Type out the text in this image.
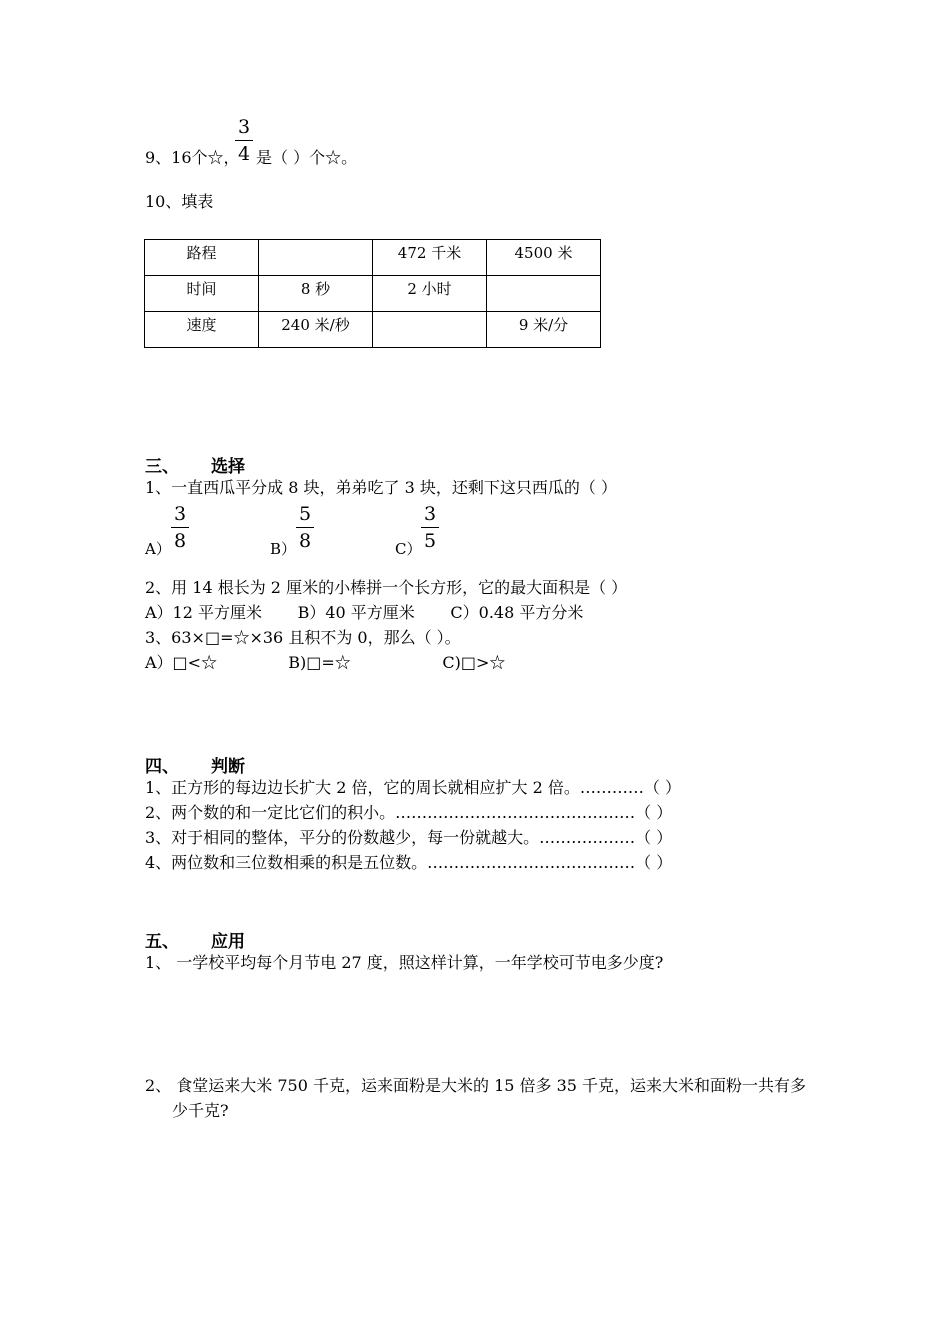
9、16个☆，
3
4 是（ ）个☆。
10、填表
路程		472 千米	4500 米
时间	8 秒	2 小时	
速度	240 米/秒		9 米/分
三、 选择
1、一直西瓜平分成 8 块，弟弟吃了 3 块，还剩下这只西瓜的（ ）
A）
3
8	B）
5
8	C）
3
5
2、用 14 根长为 2 厘米的小棒拼一个长方形，它的最大面积是（ ）
A）12 平方厘米       B）40 平方厘米       C）0.48 平方分米
3、63×□=☆×36 且积不为 0，那么（ ）。
A）□<☆              B)□=☆                  C)□>☆
四、 判断
1、正方形的每边边长扩大 2 倍，它的周长就相应扩大 2 倍。…………（ ）
2、两个数的和一定比它们的积小。………………………………………（ ）
3、对于相同的整体，平分的份数越少，每一份就越大。………………（ ）
4、两位数和三位数相乘的积是五位数。…………………………………（ ）
五、 应用
1、 一学校平均每个月节电 27 度，照这样计算，一年学校可节电多少度?
2、 食堂运来大米 750 千克，运来面粉是大米的 15 倍多 35 千克，运来大米和面粉一共有多
少千克?
